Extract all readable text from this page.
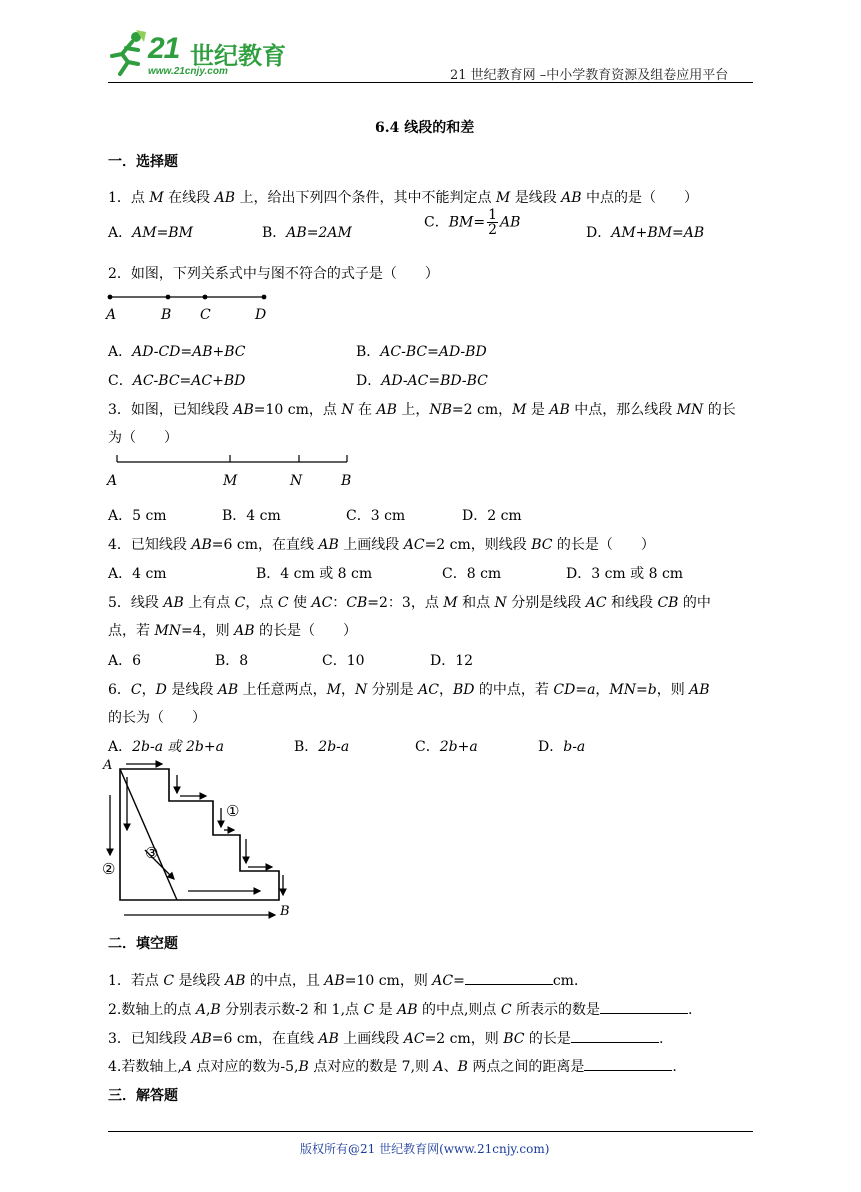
21 世纪教育
www.21cnjy.com	21 世纪教育网 –中小学教育资源及组卷应用平台
6.4 线段的和差
一．选择题
1．点 M 在线段 AB 上，给出下列四个条件，其中不能判定点 M 是线段 AB 中点的是（　　）
A．AM=BM	B．AB=2AM
C．$BM= \frac{1}{2}$ AB
D．AM+BM=AB
2．如图，下列关系式中与图不符合的式子是（　　）
A	B C	D
A．AD-CD=AB+BC	B．AC-BC=AD-BD
C．AC-BC=AC+BD	D．AD-AC=BD-BC
3．如图，已知线段 AB=10 cm，点 N 在 AB 上，NB=2 cm，M 是 AB 中点，那么线段 MN 的长
为（　　）
A	M	N	B
A．5 cm	B．4 cm	C．3 cm	D．2 cm
4．已知线段 AB=6 cm，在直线 AB 上画线段 AC=2 cm，则线段 BC 的长是（　　）
A．4 cm	B．4 cm 或 8 cm	C．8 cm	D．3 cm 或 8 cm
5．线段 AB 上有点 C，点 C 使 AC：CB=2：3，点 M 和点 N 分别是线段 AC 和线段 CB 的中
点，若 MN=4，则 AB 的长是（　　）
A．6	B．8	C．10	D．12
6．C，D 是线段 AB 上任意两点，M，N 分别是 AC，BD 的中点，若 CD=a，MN=b，则 AB
的长为（　　）
A．2b-a 或 2b+a	B．2b-a	C．2b+a	D．b-a
A
B
①
②
③
二．填空题
1．若点 C 是线段 AB 的中点，且 AB=10 cm，则 AC=	cm．
2.数轴上的点 A,B 分别表示数-2 和 1,点 C 是 AB 的中点,则点 C 所表示的数是	.
3．已知线段 AB=6 cm，在直线 AB 上画线段 AC=2 cm，则 BC 的长是	.
4.若数轴上,A 点对应的数为-5,B 点对应的数是 7,则 A、B 两点之间的距离是	.
三．解答题
版权所有@21 世纪教育网(www.21cnjy.com)
